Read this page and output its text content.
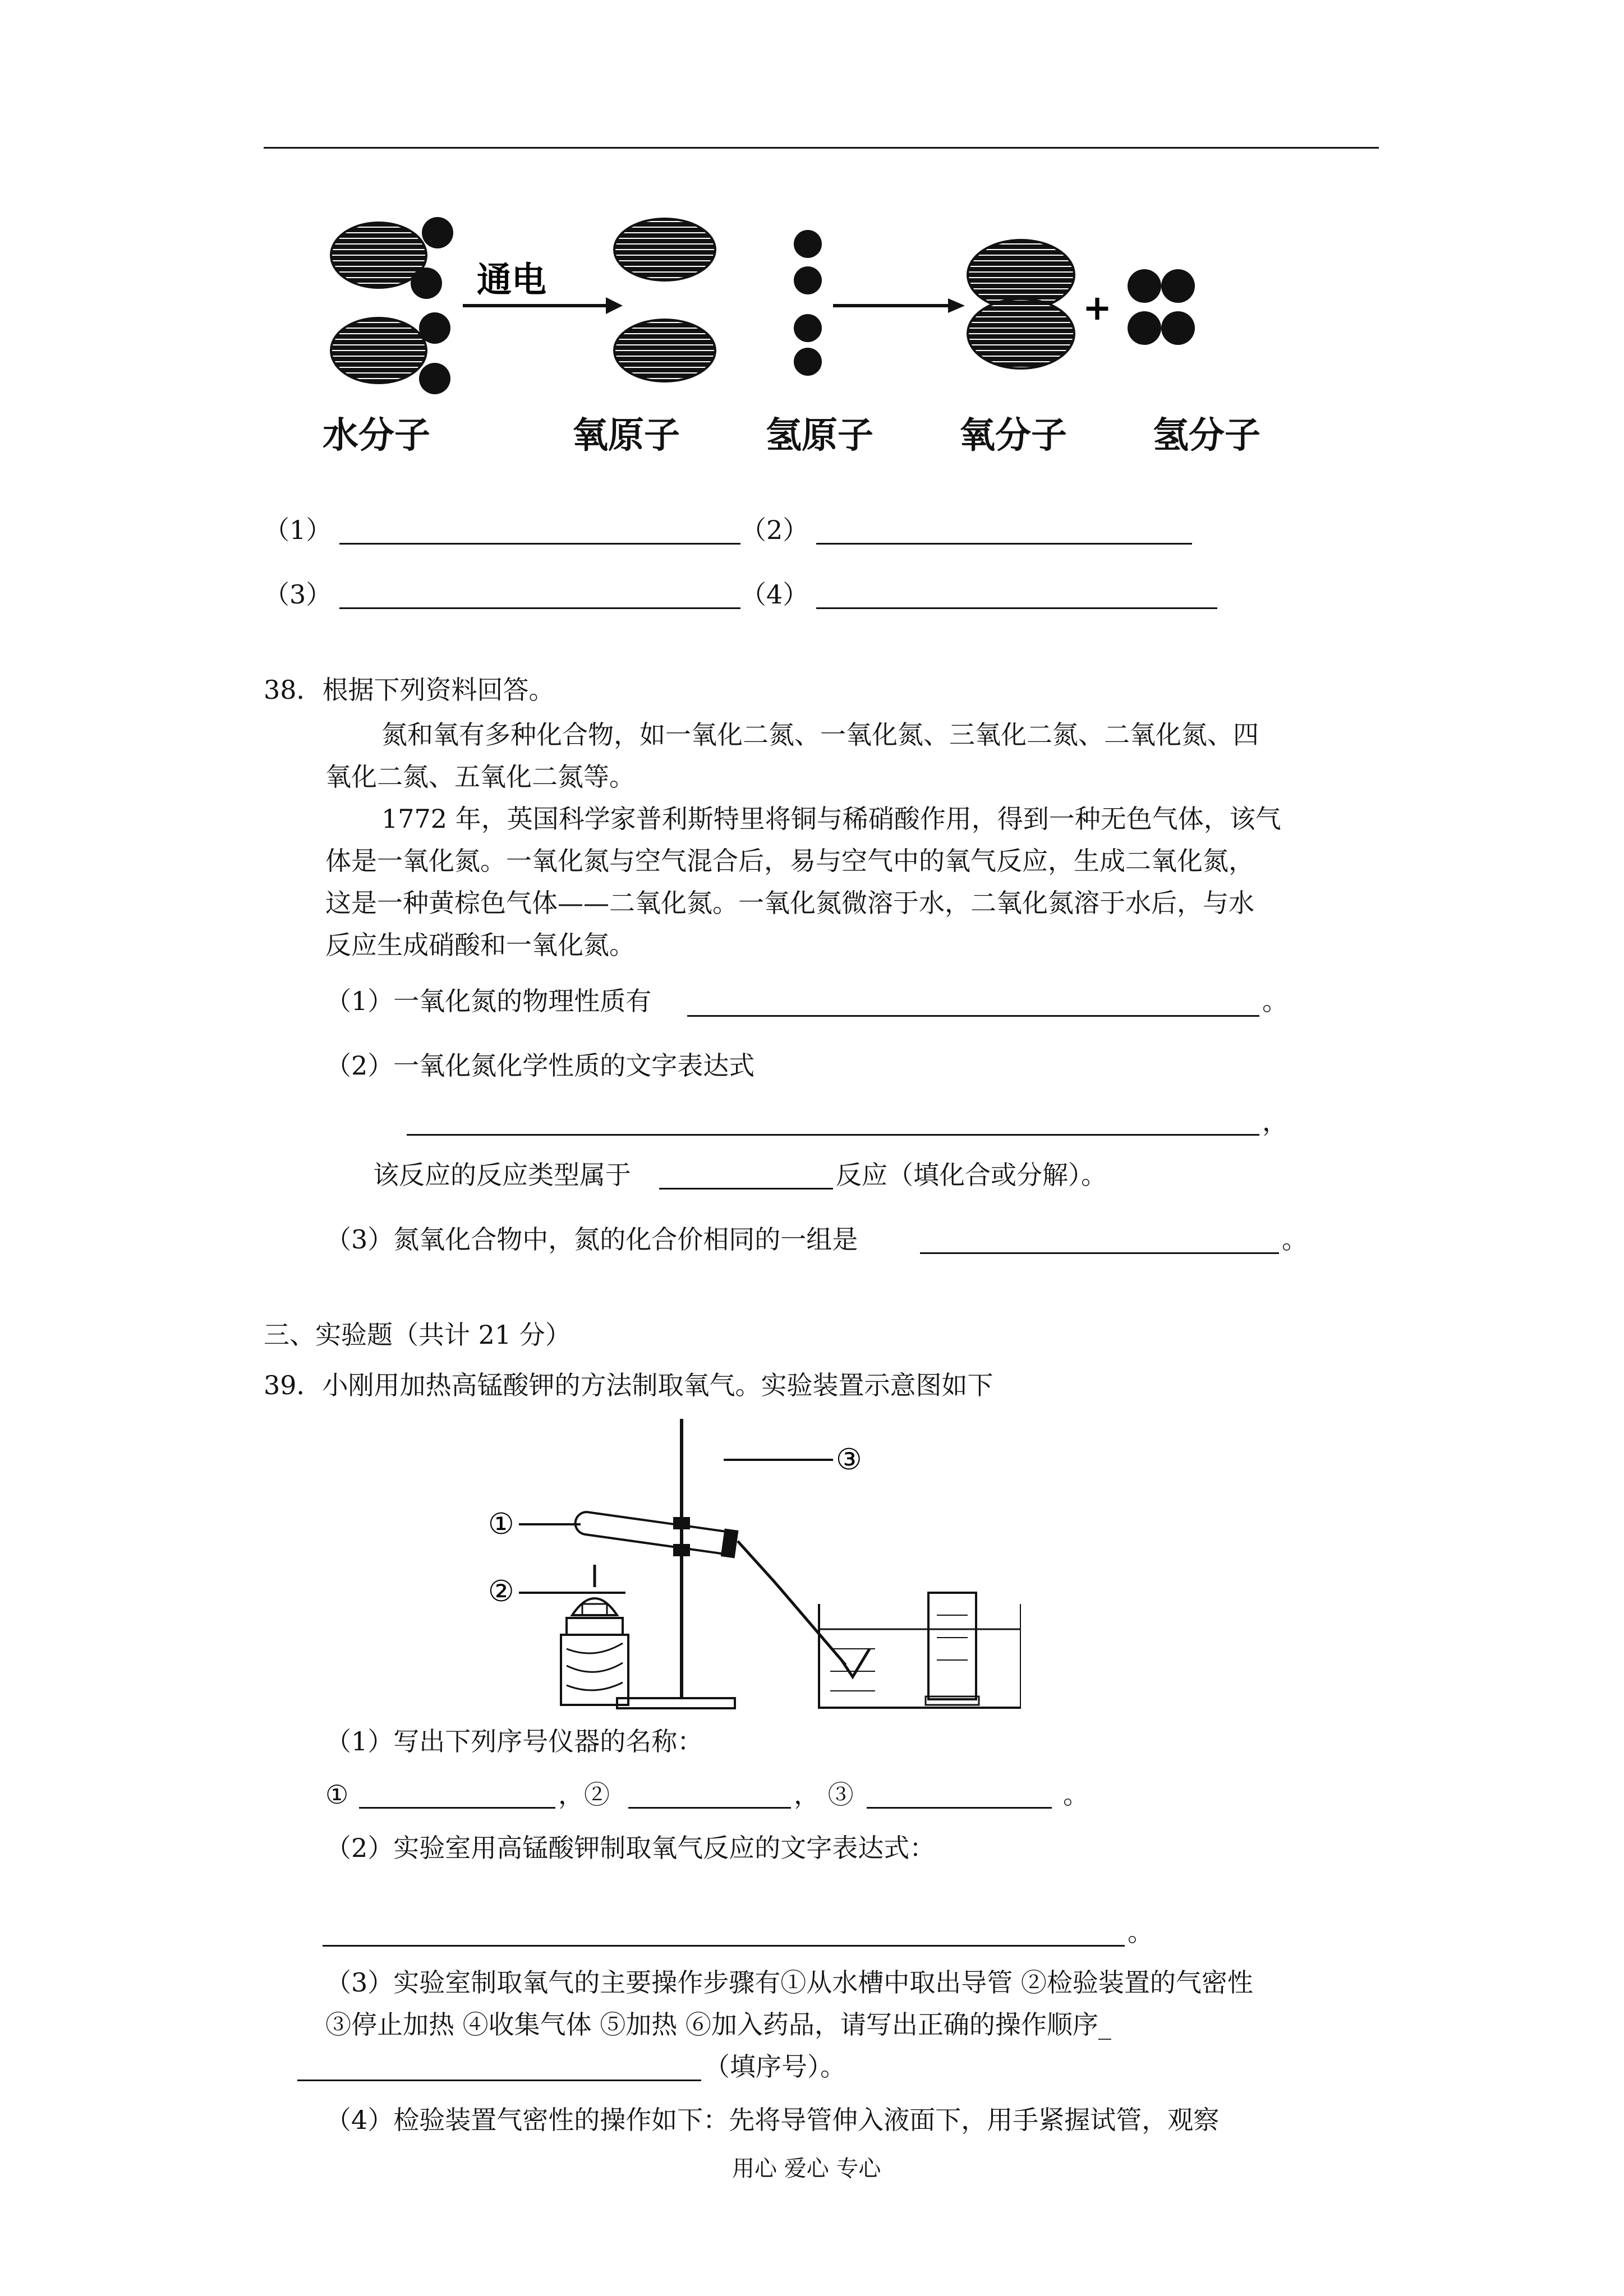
通电
+
水分子	氧原子 氢原子 氧分子 氢分子
（1）	（2）
（3）	（4）
38．根据下列资料回答。
氮和氧有多种化合物，如一氧化二氮、一氧化氮、三氧化二氮、二氧化氮、四
氧化二氮、五氧化二氮等。
1772 年，英国科学家普利斯特里将铜与稀硝酸作用，得到一种无色气体，该气
体是一氧化氮。一氧化氮与空气混合后，易与空气中的氧气反应，生成二氧化氮，
这是一种黄棕色气体——二氧化氮。一氧化氮微溶于水，二氧化氮溶于水后，与水
反应生成硝酸和一氧化氮。
（1）一氧化氮的物理性质有	。
（2）一氧化氮化学性质的文字表达式
，
该反应的反应类型属于	反应（填化合或分解）。
（3）氮氧化合物中，氮的化合价相同的一组是	。
三、实验题（共计 21 分）
39．小刚用加热高锰酸钾的方法制取氧气。实验装置示意图如下
③
①
②
（1）写出下列序号仪器的名称：
①	，②	， ③	。
（2）实验室用高锰酸钾制取氧气反应的文字表达式：
。
（3）实验室制取氧气的主要操作步骤有①从水槽中取出导管 ②检验装置的气密性
③停止加热 ④收集气体 ⑤加热 ⑥加入药品，请写出正确的操作顺序_
（填序号）。
（4）检验装置气密性的操作如下：先将导管伸入液面下，用手紧握试管，观察
用心 爱心 专心
